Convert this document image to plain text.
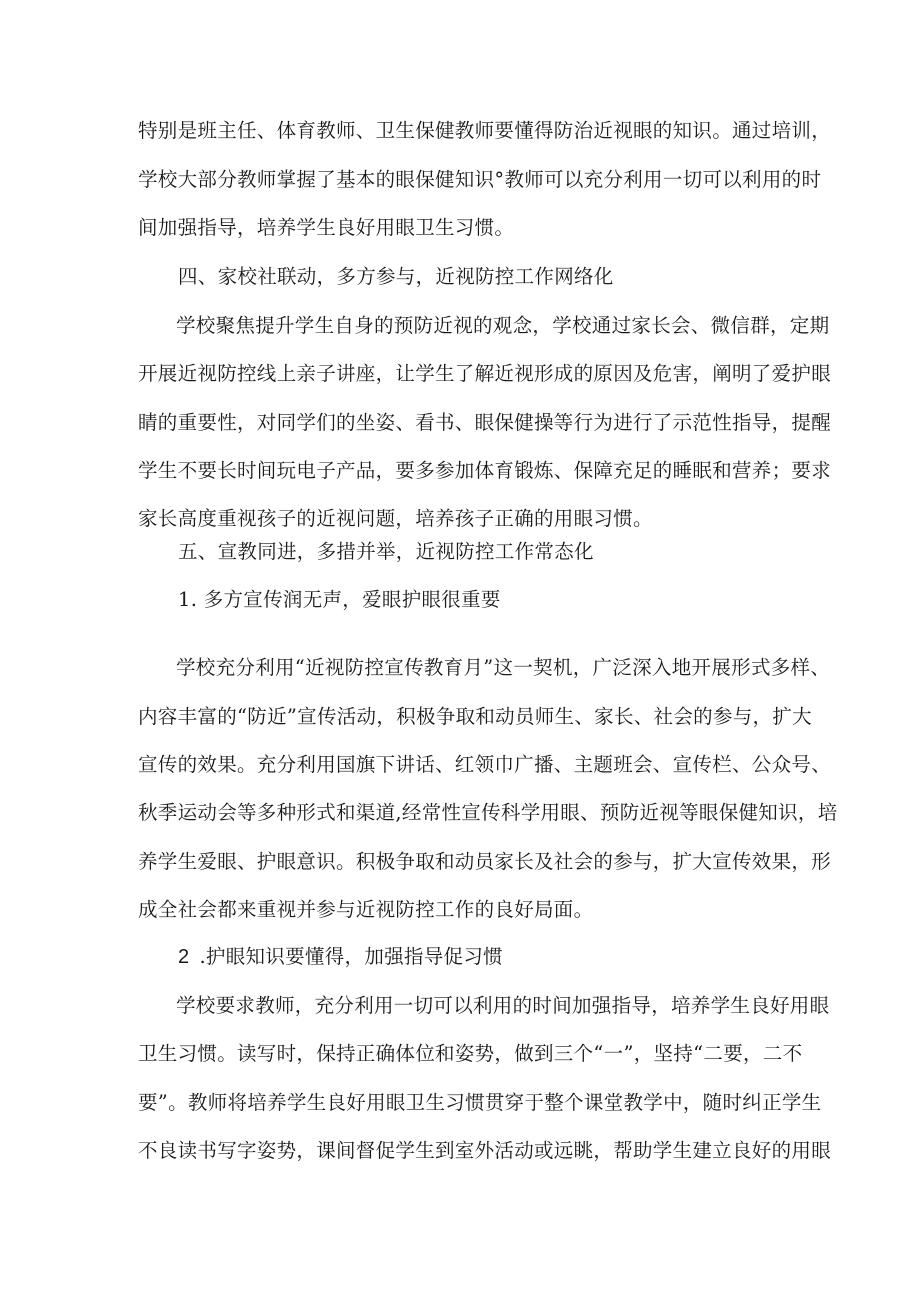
特别是班主任、体育教师、卫生保健教师要懂得防治近视眼的知识。通过培训，
学校大部分教师掌握了基本的眼保健知识°教师可以充分利用一切可以利用的时
间加强指导，培养学生良好用眼卫生习惯。
四、家校社联动，多方参与，近视防控工作网络化
学校聚焦提升学生自身的预防近视的观念，学校通过家长会、微信群，定期
开展近视防控线上亲子讲座，让学生了解近视形成的原因及危害，阐明了爱护眼
睛的重要性，对同学们的坐姿、看书、眼保健操等行为进行了示范性指导，提醒
学生不要长时间玩电子产品，要多参加体育锻炼、保障充足的睡眠和营养；要求
家长高度重视孩子的近视问题，培养孩子正确的用眼习惯。
五、宣教同进，多措并举，近视防控工作常态化
1. 多方宣传润无声，爱眼护眼很重要
学校充分利用“近视防控宣传教育月”这一契机，广泛深入地开展形式多样、
内容丰富的“防近”宣传活动，积极争取和动员师生、家长、社会的参与，扩大
宣传的效果。充分利用国旗下讲话、红领巾广播、主题班会、宣传栏、公众号、
秋季运动会等多种形式和渠道,经常性宣传科学用眼、预防近视等眼保健知识，培
养学生爱眼、护眼意识。积极争取和动员家长及社会的参与，扩大宣传效果，形
成全社会都来重视并参与近视防控工作的良好局面。
2 .护眼知识要懂得，加强指导促习惯
学校要求教师，充分利用一切可以利用的时间加强指导，培养学生良好用眼
卫生习惯。读写时，保持正确体位和姿势，做到三个“一”，坚持“二要，二不
要”。教师将培养学生良好用眼卫生习惯贯穿于整个课堂教学中，随时纠正学生
不良读书写字姿势，课间督促学生到室外活动或远眺，帮助学生建立良好的用眼
